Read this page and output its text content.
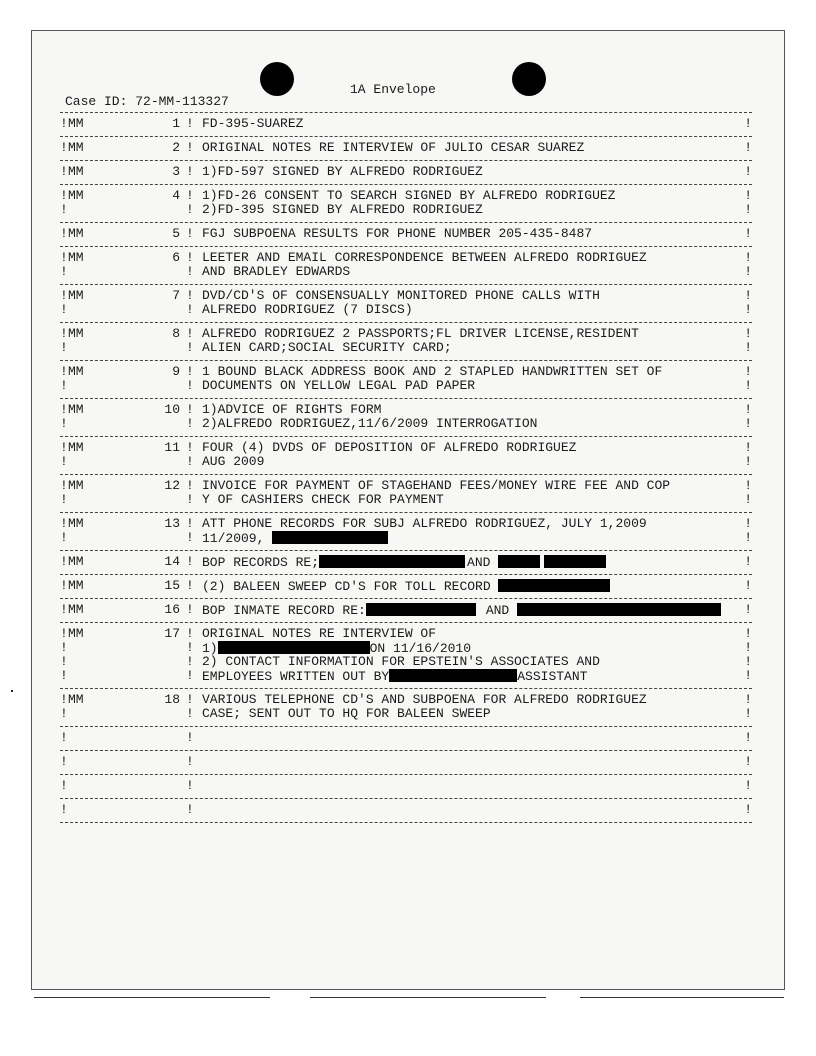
1A Envelope
Case ID: 72-MM-113327
! MM	1 ! FD-395-SUAREZ	!
! MM	2 ! ORIGINAL NOTES RE INTERVIEW OF JULIO CESAR SUAREZ	!
! MM	3 ! 1)FD-597 SIGNED BY ALFREDO RODRIGUEZ	!
! MM	4 ! 1)FD-26 CONSENT TO SEARCH SIGNED BY ALFREDO RODRIGUEZ	!
!	! 2)FD-395 SIGNED BY ALFREDO RODRIGUEZ	!
! MM	5 ! FGJ SUBPOENA RESULTS FOR PHONE NUMBER 205-435-8487	!
! MM	6 ! LEETER AND EMAIL CORRESPONDENCE BETWEEN ALFREDO RODRIGUEZ	!
!	! AND BRADLEY EDWARDS	!
! MM	7 ! DVD/CD'S OF CONSENSUALLY MONITORED PHONE CALLS WITH	!
!	! ALFREDO RODRIGUEZ (7 DISCS)	!
! MM	8 ! ALFREDO RODRIGUEZ 2 PASSPORTS;FL DRIVER LICENSE,RESIDENT	!
!	! ALIEN CARD;SOCIAL SECURITY CARD;	!
! MM	9 ! 1 BOUND BLACK ADDRESS BOOK AND 2 STAPLED HANDWRITTEN SET OF	!
!	! DOCUMENTS ON YELLOW LEGAL PAD PAPER	!
! MM	10 ! 1)ADVICE OF RIGHTS FORM	!
!	! 2)ALFREDO RODRIGUEZ,11/6/2009 INTERROGATION	!
! MM	11 ! FOUR (4) DVDS OF DEPOSITION OF ALFREDO RODRIGUEZ	!
!	! AUG 2009	!
! MM	12 ! INVOICE FOR PAYMENT OF STAGEHAND FEES/MONEY WIRE FEE AND COP	!
!	! Y OF CASHIERS CHECK FOR PAYMENT	!
! MM	13 ! ATT PHONE RECORDS FOR SUBJ ALFREDO RODRIGUEZ, JULY 1,2009	!
!	! 11/2009,	!
! MM	14 ! BOP RECORDS RE;	AND	!
! MM	15 ! (2) BALEEN SWEEP CD'S FOR TOLL RECORD	!
! MM	16 ! BOP INMATE RECORD RE:	AND	!
! MM	17 ! ORIGINAL NOTES RE INTERVIEW OF	!
!	! 1)	ON 11/16/2010	!
!	! 2) CONTACT INFORMATION FOR EPSTEIN'S ASSOCIATES AND	!
!	! EMPLOYEES WRITTEN OUT BY	ASSISTANT	!
! MM	18 ! VARIOUS TELEPHONE CD'S AND SUBPOENA FOR ALFREDO RODRIGUEZ	!
!	! CASE; SENT OUT TO HQ FOR BALEEN SWEEP	!
!	!	!
!	!	!
!	!	!
!	!	!
